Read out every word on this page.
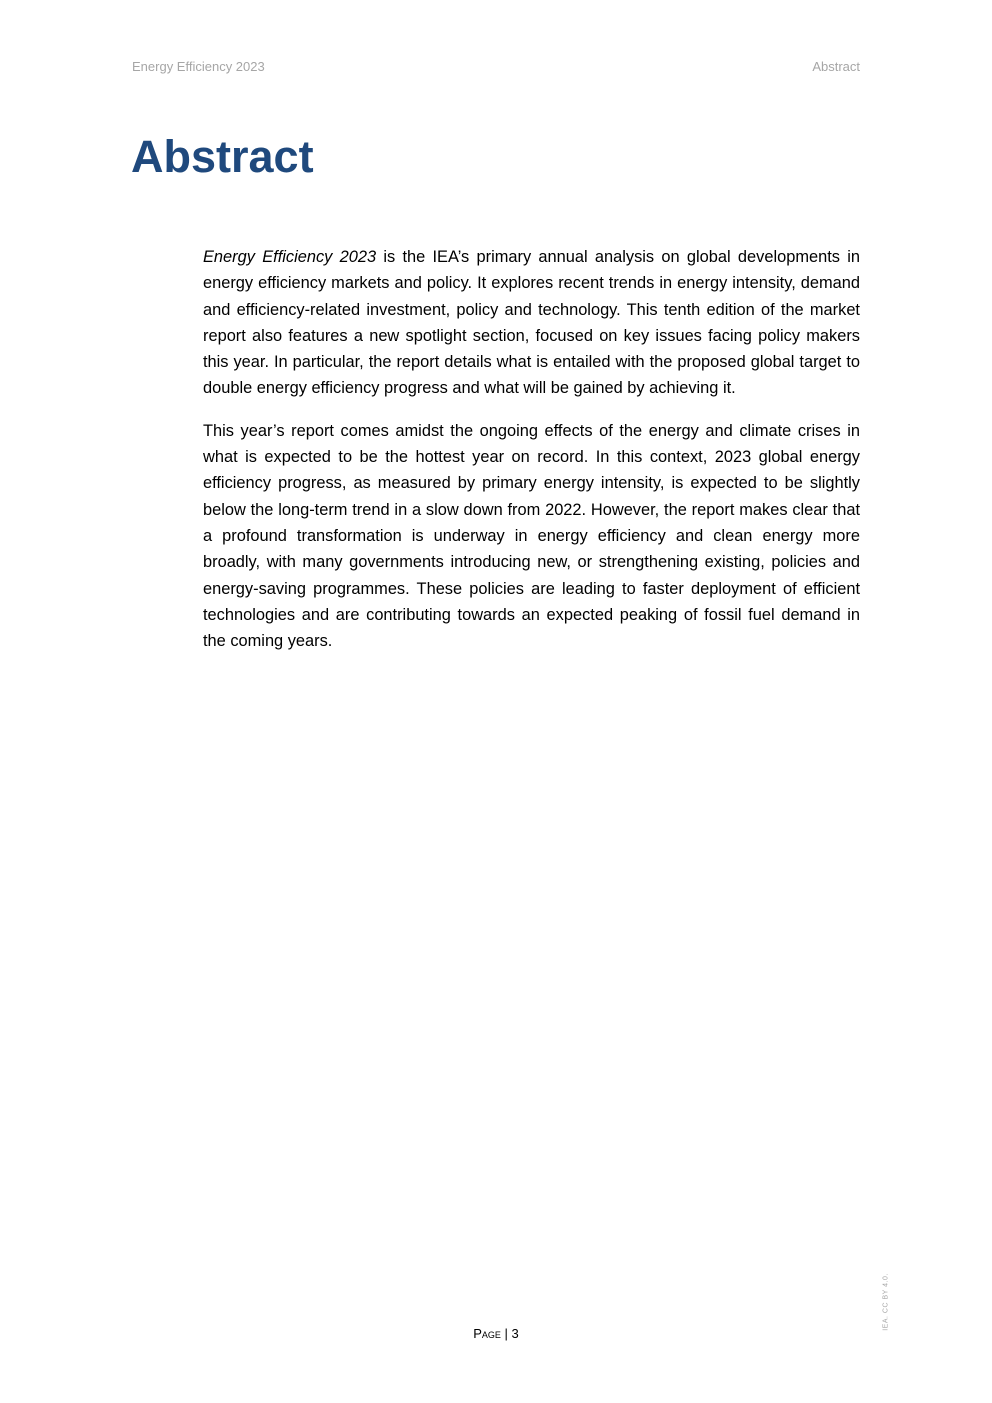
Energy Efficiency 2023	Abstract
Abstract

Energy Efficiency 2023 is the IEA’s primary annual analysis on global developments in energy efficiency markets and policy. It explores recent trends in energy intensity, demand and efficiency-related investment, policy and technology. This tenth edition of the market report also features a new spotlight section, focused on key issues facing policy makers this year. In particular, the report details what is entailed with the proposed global target to double energy efficiency progress and what will be gained by achieving it.

This year’s report comes amidst the ongoing effects of the energy and climate crises in what is expected to be the hottest year on record. In this context, 2023 global energy efficiency progress, as measured by primary energy intensity, is expected to be slightly below the long-term trend in a slow down from 2022. However, the report makes clear that a profound transformation is underway in energy efficiency and clean energy more broadly, with many governments introducing new, or strengthening existing, policies and energy-saving programmes. These policies are leading to faster deployment of efficient technologies and are contributing towards an expected peaking of fossil fuel demand in the coming years.

Page | 3
IEA. CC BY 4.0.
